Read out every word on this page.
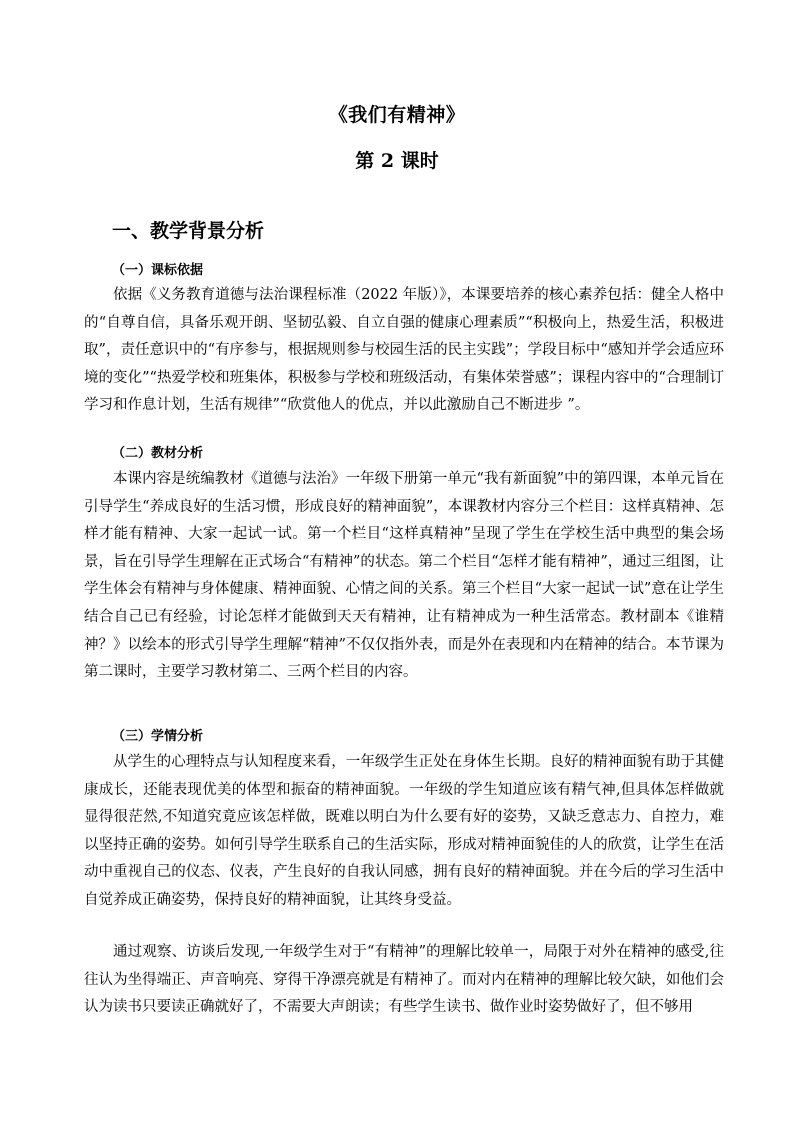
《我们有精神》
第 2 课时
一、教学背景分析
（一）课标依据
依据《义务教育道德与法治课程标准（2022 年版）》，本课要培养的核心素养包括：健全人格中的“自尊自信，具备乐观开朗、坚韧弘毅、自立自强的健康心理素质”“积极向上，热爱生活，积极进取”，责任意识中的“有序参与，根据规则参与校园生活的民主实践”；学段目标中“感知并学会适应环境的变化”“热爱学校和班集体，积极参与学校和班级活动，有集体荣誉感”；课程内容中的“合理制订学习和作息计划，生活有规律”“欣赏他人的优点，并以此激励自己不断进步 ”。
（二）教材分析
本课内容是统编教材《道德与法治》一年级下册第一单元“我有新面貌”中的第四课，本单元旨在引导学生“养成良好的生活习惯，形成良好的精神面貌”，本课教材内容分三个栏目：这样真精神、怎样才能有精神、大家一起试一试。第一个栏目“这样真精神”呈现了学生在学校生活中典型的集会场景，旨在引导学生理解在正式场合“有精神”的状态。第二个栏目“怎样才能有精神”，通过三组图，让学生体会有精神与身体健康、精神面貌、心情之间的关系。第三个栏目“大家一起试一试”意在让学生结合自己已有经验，讨论怎样才能做到天天有精神，让有精神成为一种生活常态。教材副本《谁精神？》以绘本的形式引导学生理解“精神”不仅仅指外表，而是外在表现和内在精神的结合。本节课为第二课时，主要学习教材第二、三两个栏目的内容。
（三）学情分析
从学生的心理特点与认知程度来看，一年级学生正处在身体生长期。良好的精神面貌有助于其健康成长，还能表现优美的体型和振奋的精神面貌。一年级的学生知道应该有精气神,但具体怎样做就显得很茫然,不知道究竟应该怎样做，既难以明白为什么要有好的姿势，又缺乏意志力、自控力，难以坚持正确的姿势。如何引导学生联系自己的生活实际，形成对精神面貌佳的人的欣赏，让学生在活动中重视自己的仪态、仪表，产生良好的自我认同感，拥有良好的精神面貌。并在今后的学习生活中自觉养成正确姿势，保持良好的精神面貌，让其终身受益。
通过观察、访谈后发现,一年级学生对于“有精神”的理解比较单一，局限于对外在精神的感受,往往认为坐得端正、声音响亮、穿得干净漂亮就是有精神了。而对内在精神的理解比较欠缺，如他们会认为读书只要读正确就好了，不需要大声朗读；有些学生读书、做作业时姿势做好了，但不够用
